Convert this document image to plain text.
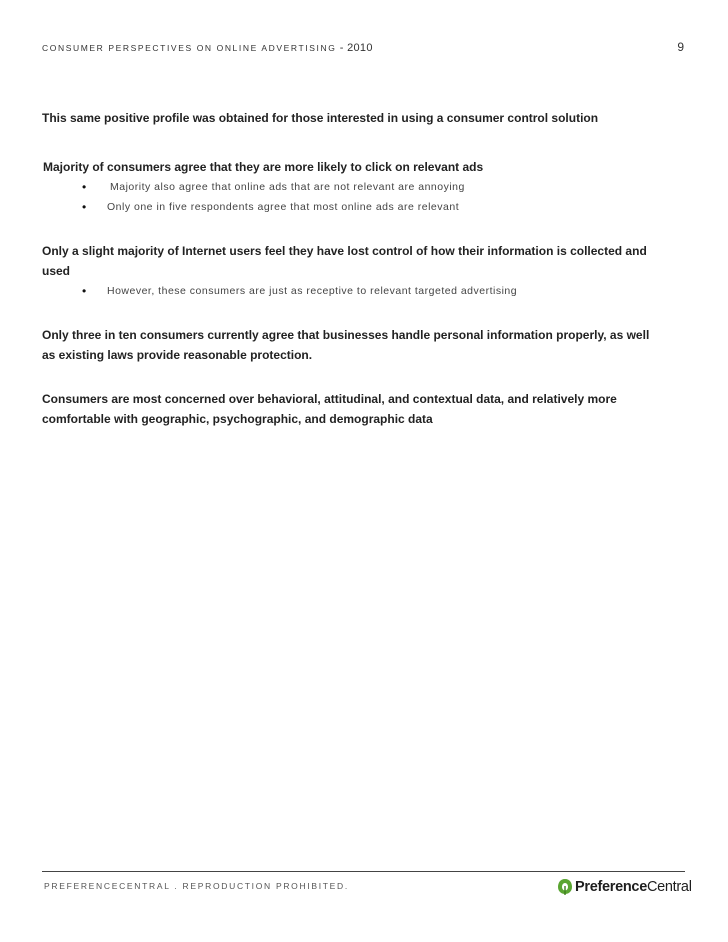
CONSUMER PERSPECTIVES ON ONLINE ADVERTISING - 2010	9

This same positive profile was obtained for those interested in using a consumer control solution

Majority of consumers agree that they are more likely to click on relevant ads

• Majority also agree that online ads that are not relevant are annoying
• Only one in five respondents agree that most online ads are relevant

Only a slight majority of Internet users feel they have lost control of how their information is collected and used

• However, these consumers are just as receptive to relevant targeted advertising

Only three in ten consumers currently agree that businesses handle personal information properly, as well as existing laws provide reasonable protection.

Consumers are most concerned over behavioral, attitudinal, and contextual data, and relatively more comfortable with geographic, psychographic, and demographic data

PREFERENCECENTRAL . REPRODUCTION PROHIBITED.	PreferenceCentral
